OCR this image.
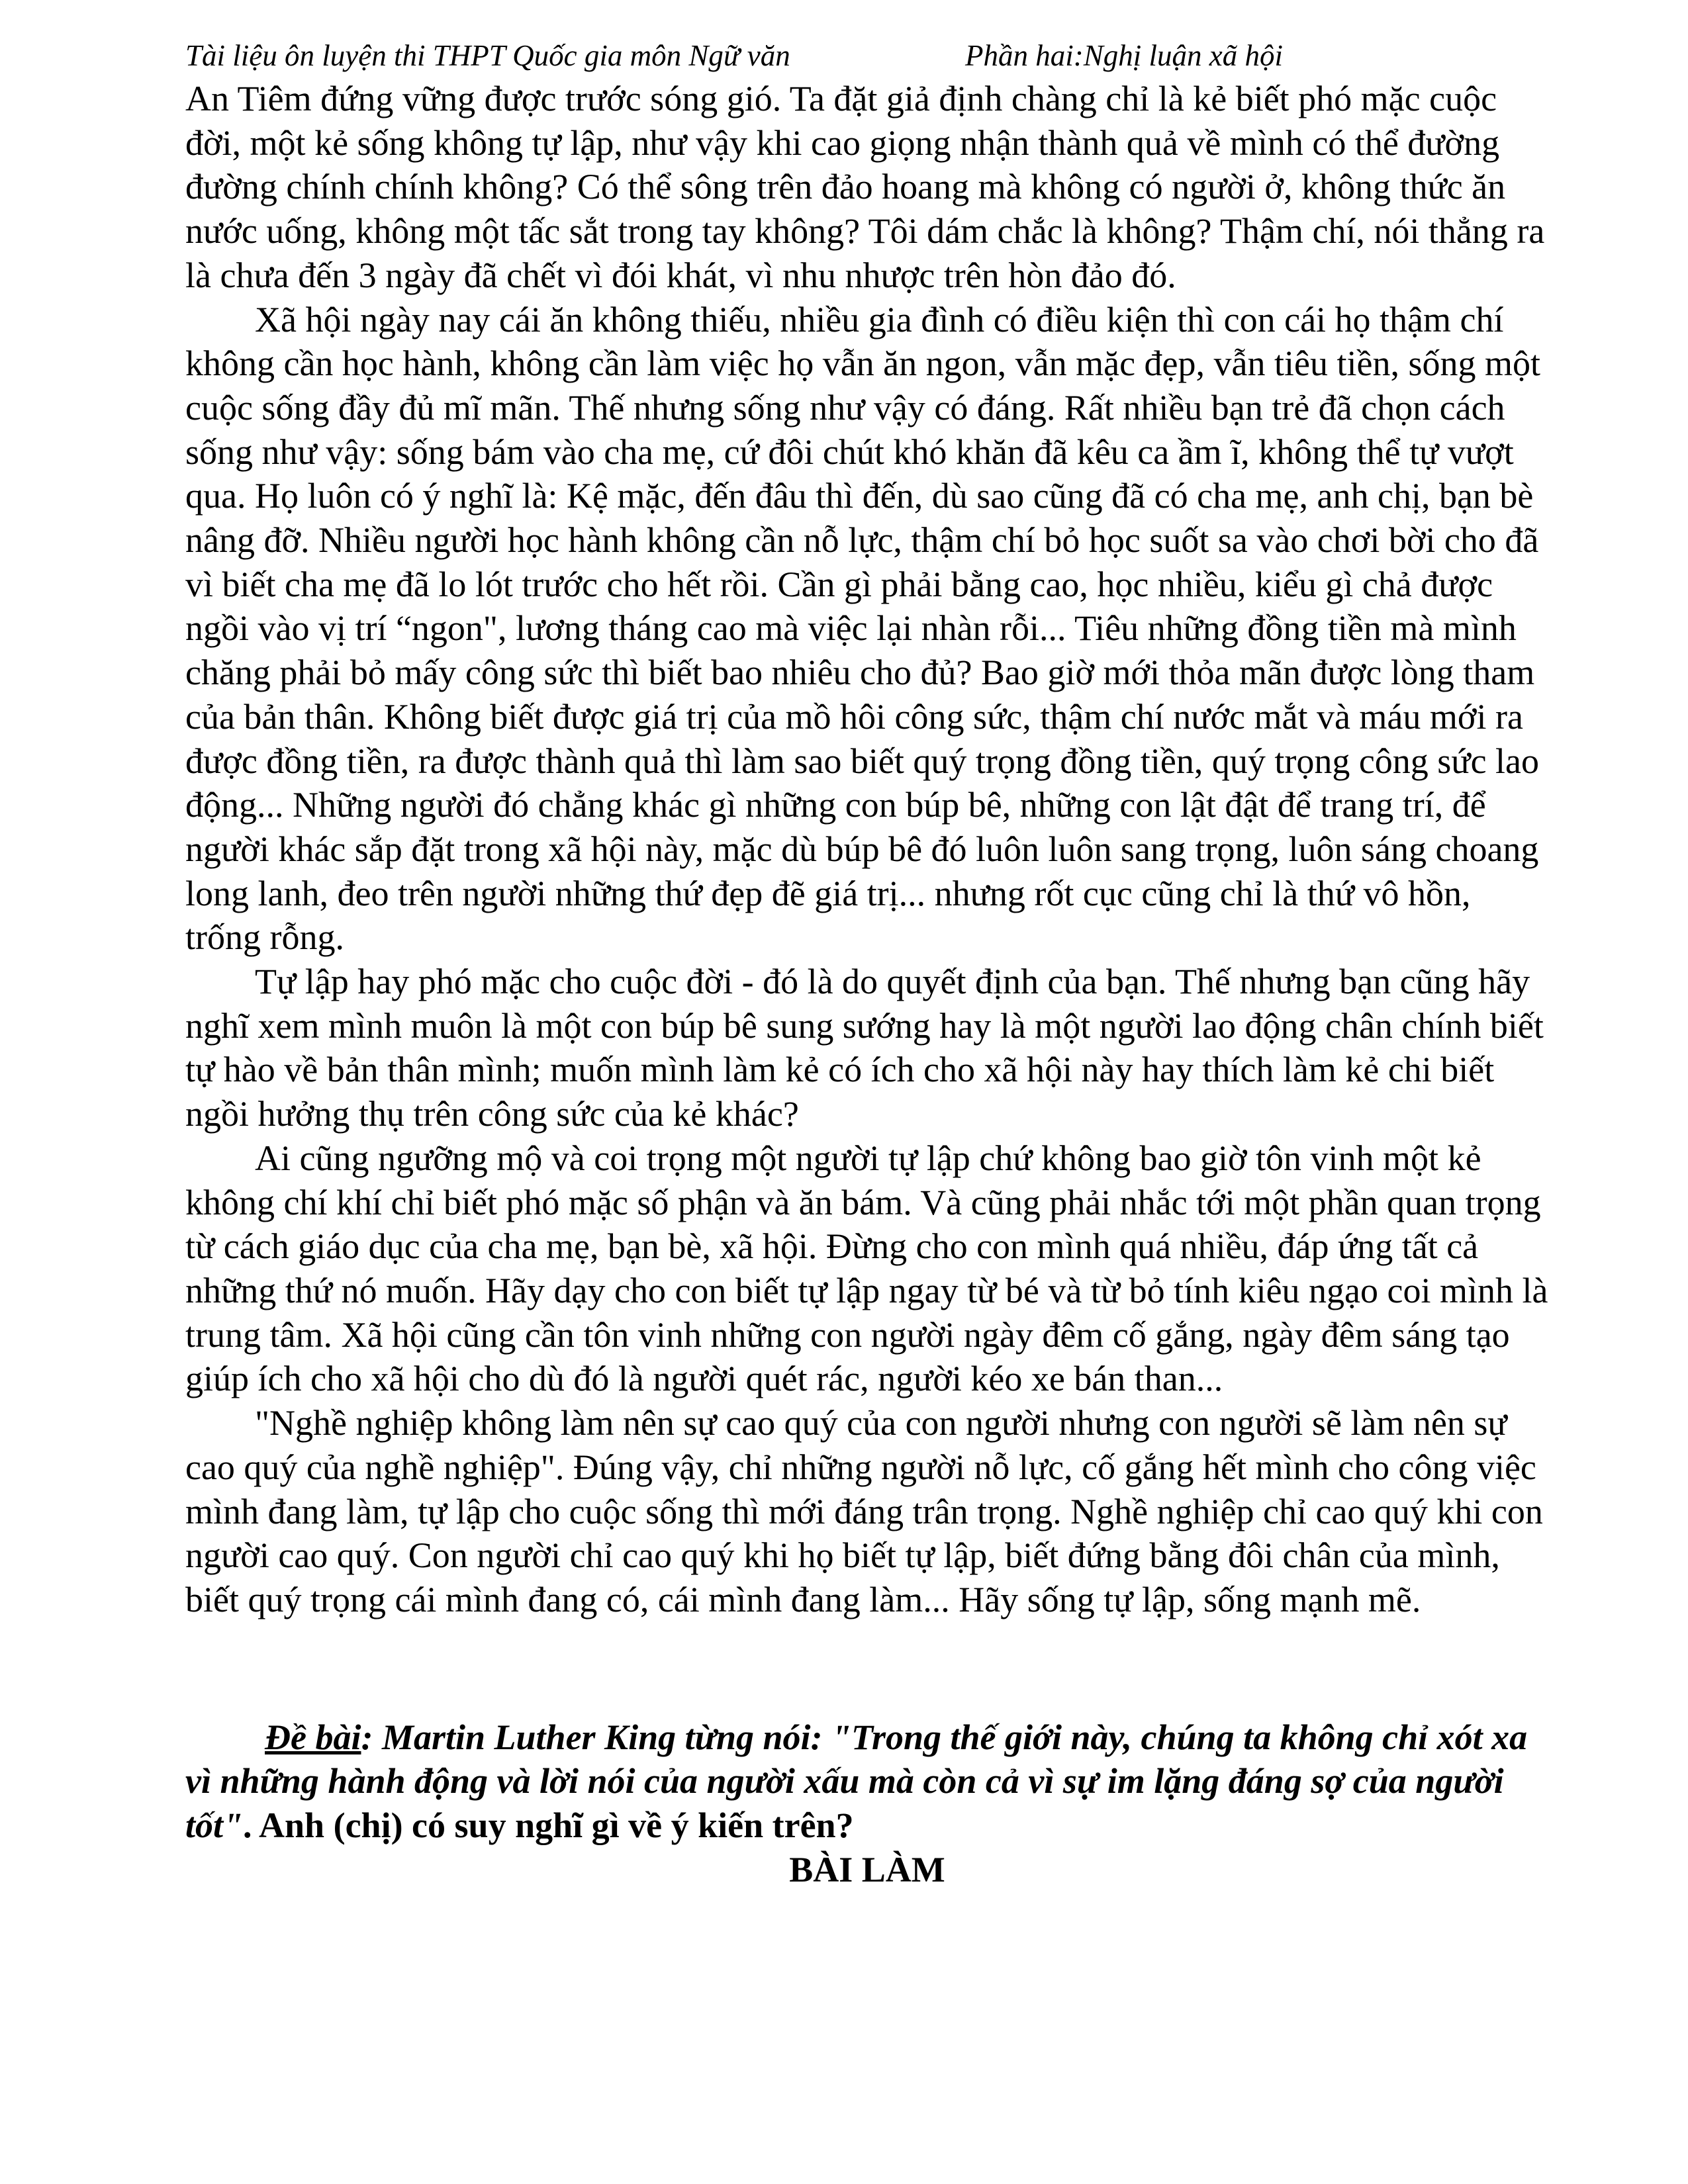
Tài liệu ôn luyện thi THPT Quốc gia môn Ngữ văn	Phần hai:Nghị luận xã hội

An Tiêm đứng vững được trước sóng gió. Ta đặt giả định chàng chỉ là kẻ biết phó mặc cuộc đời, một kẻ sống không tự lập, như vậy khi cao giọng nhận thành quả về mình có thể đường đường chính chính không? Có thể sông trên đảo hoang mà không có người ở, không thức ăn nước uống, không một tấc sắt trong tay không? Tôi dám chắc là không? Thậm chí, nói thẳng ra là chưa đến 3 ngày đã chết vì đói khát, vì nhu nhược trên hòn đảo đó.

Xã hội ngày nay cái ăn không thiếu, nhiều gia đình có điều kiện thì con cái họ thậm chí không cần học hành, không cần làm việc họ vẫn ăn ngon, vẫn mặc đẹp, vẫn tiêu tiền, sống một cuộc sống đầy đủ mĩ mãn. Thế nhưng sống như vậy có đáng. Rất nhiều bạn trẻ đã chọn cách sống như vậy: sống bám vào cha mẹ, cứ đôi chút khó khăn đã kêu ca ầm ĩ, không thể tự vượt qua. Họ luôn có ý nghĩ là: Kệ mặc, đến đâu thì đến, dù sao cũng đã có cha mẹ, anh chị, bạn bè nâng đỡ. Nhiều người học hành không cần nỗ lực, thậm chí bỏ học suốt sa vào chơi bời cho đã vì biết cha mẹ đã lo lót trước cho hết rồi. Cần gì phải bằng cao, học nhiều, kiểu gì chả được ngồi vào vị trí “ngon", lương tháng cao mà việc lại nhàn rỗi... Tiêu những đồng tiền mà mình chăng phải bỏ mấy công sức thì biết bao nhiêu cho đủ? Bao giờ mới thỏa mãn được lòng tham của bản thân. Không biết được giá trị của mồ hôi công sức, thậm chí nước mắt và máu mới ra được đồng tiền, ra được thành quả thì làm sao biết quý trọng đồng tiền, quý trọng công sức lao động... Những người đó chẳng khác gì những con búp bê, những con lật đật để trang trí, để người khác sắp đặt trong xã hội này, mặc dù búp bê đó luôn luôn sang trọng, luôn sáng choang long lanh, đeo trên người những thứ đẹp đẽ giá trị... nhưng rốt cục cũng chỉ là thứ vô hồn, trống rỗng.

Tự lập hay phó mặc cho cuộc đời - đó là do quyết định của bạn. Thế nhưng bạn cũng hãy nghĩ xem mình muôn là một con búp bê sung sướng hay là một người lao động chân chính biết tự hào về bản thân mình; muốn mình làm kẻ có ích cho xã hội này hay thích làm kẻ chi biết ngồi hưởng thụ trên công sức của kẻ khác?

Ai cũng ngưỡng mộ và coi trọng một người tự lập chứ không bao giờ tôn vinh một kẻ không chí khí chỉ biết phó mặc số phận và ăn bám. Và cũng phải nhắc tới một phần quan trọng từ cách giáo dục của cha mẹ, bạn bè, xã hội. Đừng cho con mình quá nhiều, đáp ứng tất cả những thứ nó muốn. Hãy dạy cho con biết tự lập ngay từ bé và từ bỏ tính kiêu ngạo coi mình là trung tâm. Xã hội cũng cần tôn vinh những con người ngày đêm cố gắng, ngày đêm sáng tạo giúp ích cho xã hội cho dù đó là người quét rác, người kéo xe bán than...

"Nghề nghiệp không làm nên sự cao quý của con người nhưng con người sẽ làm nên sự cao quý của nghề nghiệp". Đúng vậy, chỉ những người nỗ lực, cố gắng hết mình cho công việc mình đang làm, tự lập cho cuộc sống thì mới đáng trân trọng. Nghề nghiệp chỉ cao quý khi con người cao quý. Con người chỉ cao quý khi họ biết tự lập, biết đứng bằng đôi chân của mình, biết quý trọng cái mình đang có, cái mình đang làm... Hãy sống tự lập, sống mạnh mẽ.

Đề bài: Martin Luther King từng nói: "Trong thế giới này, chúng ta không chỉ xót xa vì những hành động và lời nói của người xấu mà còn cả vì sự im lặng đáng sợ của người tốt". Anh (chị) có suy nghĩ gì về ý kiến trên?
BÀI LÀM
